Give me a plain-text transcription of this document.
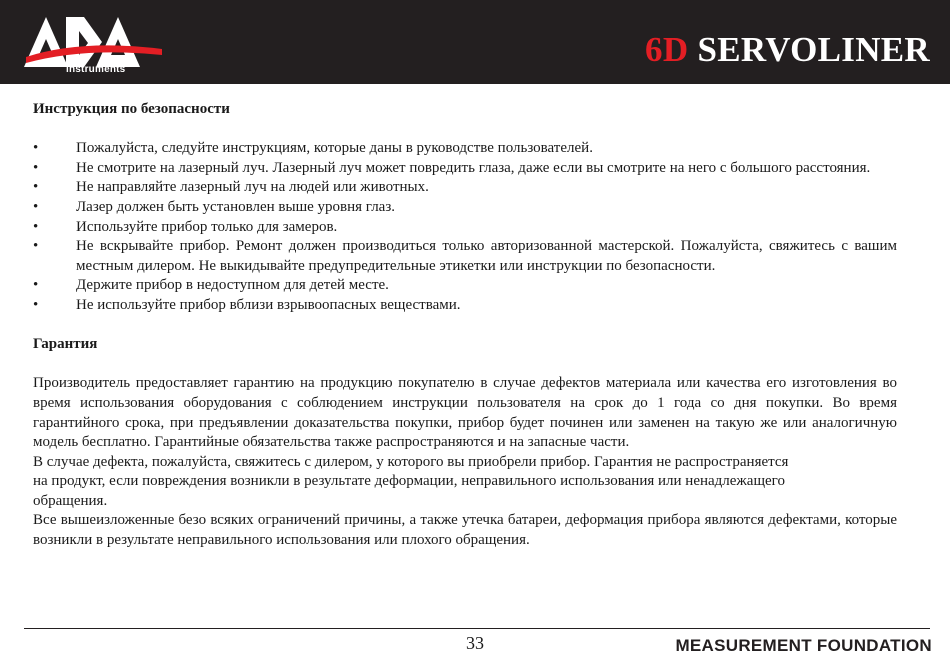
instruments
6D SERVOLINER

Инструкция по безопасности

•	Пожалуйста, следуйте инструкциям, которые даны в руководстве пользователей.
•	Не смотрите на лазерный луч. Лазерный луч может повредить глаза, даже если вы смотрите на него с большого расстояния.
•	Не направляйте лазерный луч на людей или животных.
•	Лазер должен быть установлен выше уровня глаз.
•	Используйте прибор только для замеров.
•	Не вскрывайте прибор. Ремонт должен производиться только авторизованной мастерской. Пожалуйста, свяжитесь с вашим местным дилером. Не выкидывайте предупредительные этикетки или инструкции по безопасности.
•	Держите прибор в недоступном для детей месте.
•	Не используйте прибор вблизи взрывоопасных веществами.

Гарантия

Производитель предоставляет гарантию на продукцию покупателю в случае дефектов материала или качества его изготовления во время использования оборудования с соблюдением инструкции пользователя на срок до 1 года со дня покупки. Во время гарантийного срока, при предъявлении доказательства покупки, прибор будет починен или заменен на такую же или аналогичную модель бесплатно. Гарантийные обязательства также распространяются и на запасные части.

В случае дефекта, пожалуйста, свяжитесь с дилером, у которого вы приобрели прибор. Гарантия не распространяется

на продукт, если повреждения возникли в результате деформации, неправильного использования или ненадлежащего

обращения.

Все вышеизложенные безо всяких ограничений причины, а также утечка батареи, деформация прибора являются дефектами, которые возникли в результате неправильного использования или плохого обращения.

33	MEASUREMENT FOUNDATION
